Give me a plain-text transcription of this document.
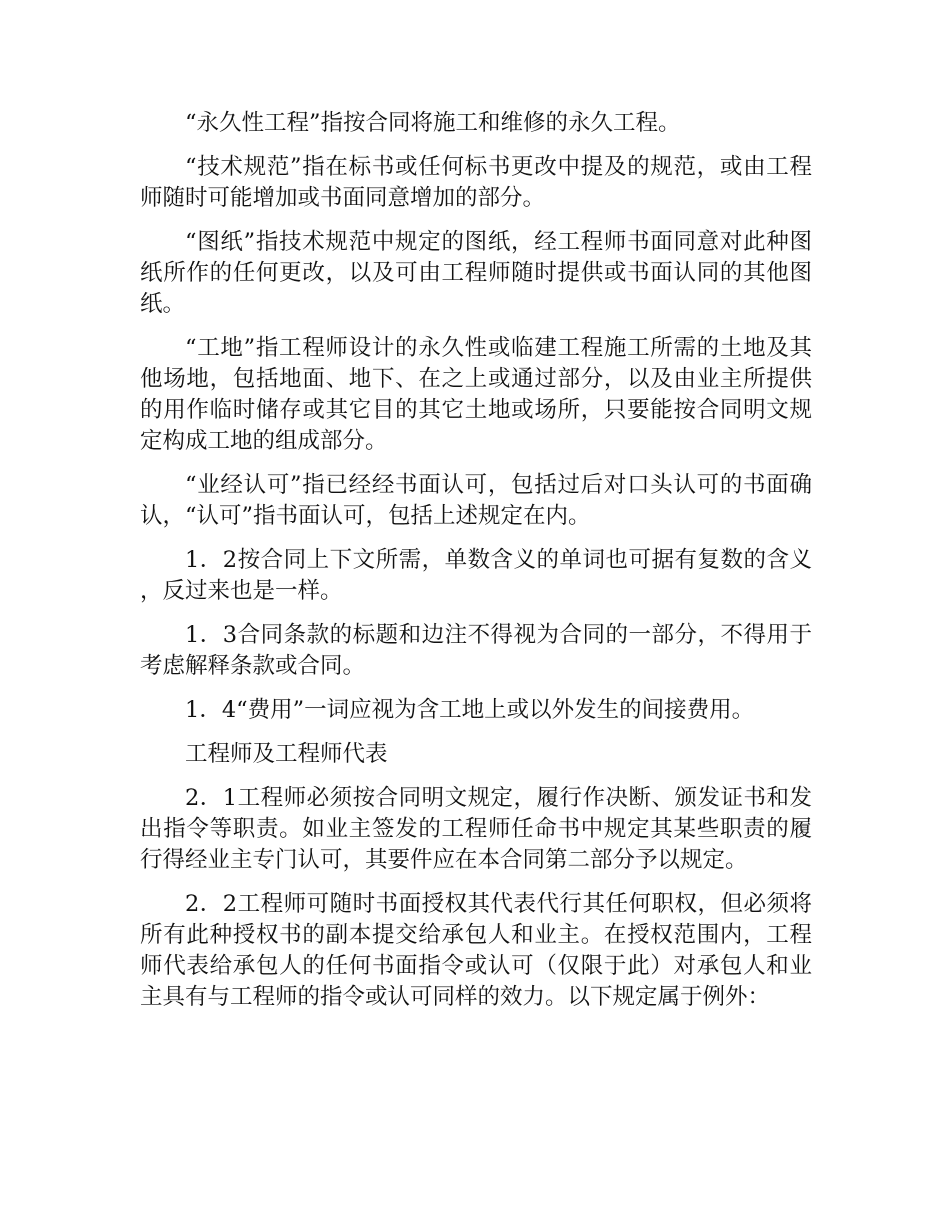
“永久性工程”指按合同将施工和维修的永久工程。

“技术规范”指在标书或任何标书更改中提及的规范，或由工程师随时可能增加或书面同意增加的部分。

“图纸”指技术规范中规定的图纸，经工程师书面同意对此种图纸所作的任何更改，以及可由工程师随时提供或书面认同的其他图纸。

“工地”指工程师设计的永久性或临建工程施工所需的土地及其他场地，包括地面、地下、在之上或通过部分，以及由业主所提供的用作临时储存或其它目的其它土地或场所，只要能按合同明文规定构成工地的组成部分。

“业经认可”指已经经书面认可，包括过后对口头认可的书面确认，“认可”指书面认可，包括上述规定在内。

1．2按合同上下文所需，单数含义的单词也可据有复数的含义，反过来也是一样。

1．3合同条款的标题和边注不得视为合同的一部分，不得用于考虑解释条款或合同。

1．4“费用”一词应视为含工地上或以外发生的间接费用。

工程师及工程师代表

2．1工程师必须按合同明文规定，履行作决断、颁发证书和发出指令等职责。如业主签发的工程师任命书中规定其某些职责的履行得经业主专门认可，其要件应在本合同第二部分予以规定。

2．2工程师可随时书面授权其代表代行其任何职权，但必须将所有此种授权书的副本提交给承包人和业主。在授权范围内，工程师代表给承包人的任何书面指令或认可（仅限于此）对承包人和业主具有与工程师的指令或认可同样的效力。以下规定属于例外：
